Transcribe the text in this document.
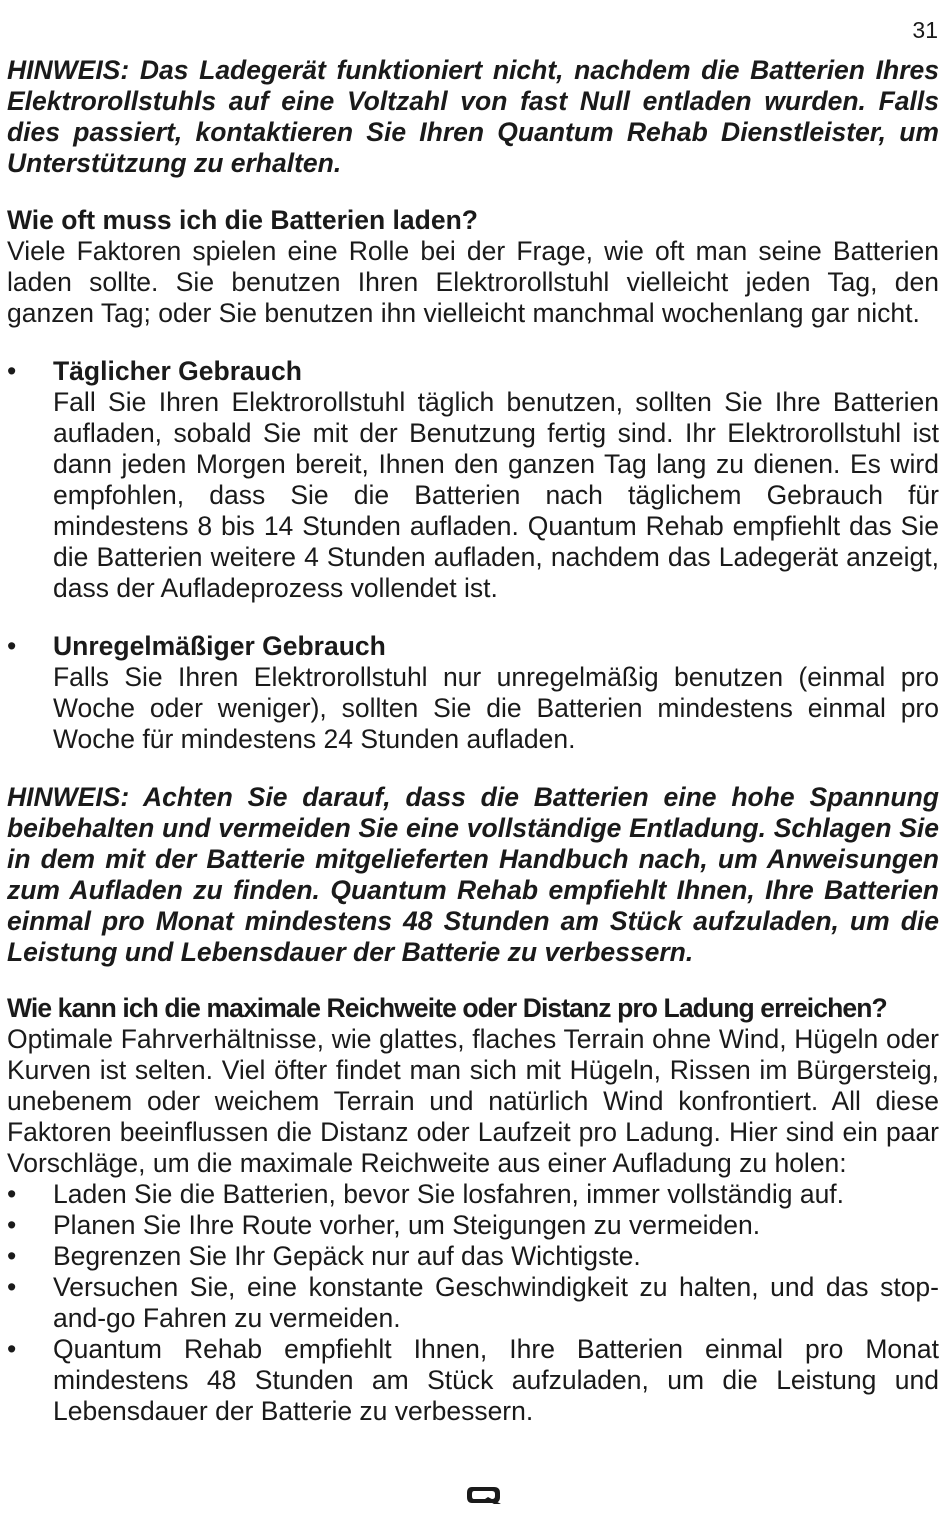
31

HINWEIS: Das Ladegerät funktioniert nicht, nachdem die Batterien Ihres Elektrorollstuhls auf eine Voltzahl von fast Null entladen wurden. Falls dies passiert, kontaktieren Sie Ihren Quantum Rehab Dienstleister, um Unterstützung zu erhalten.

Wie oft muss ich die Batterien laden?

Viele Faktoren spielen eine Rolle bei der Frage, wie oft man seine Batterien laden sollte. Sie benutzen Ihren Elektrorollstuhl vielleicht jeden Tag, den ganzen Tag; oder Sie benutzen ihn vielleicht manchmal wochenlang gar nicht.

•	Täglicher Gebrauch

Fall Sie Ihren Elektrorollstuhl täglich benutzen, sollten Sie Ihre Batterien aufladen, sobald Sie mit der Benutzung fertig sind. Ihr Elektrorollstuhl ist dann jeden Morgen bereit, Ihnen den ganzen Tag lang zu dienen. Es wird empfohlen, dass Sie die Batterien nach täglichem Gebrauch für mindestens 8 bis 14 Stunden aufladen. Quantum Rehab empfiehlt das Sie die Batterien weitere 4 Stunden aufladen, nachdem das Ladegerät anzeigt, dass der Aufladeprozess vollendet ist.

•	Unregelmäßiger Gebrauch

Falls Sie Ihren Elektrorollstuhl nur unregelmäßig benutzen (einmal pro Woche oder weniger), sollten Sie die Batterien mindestens einmal pro Woche für mindestens 24 Stunden aufladen.

HINWEIS: Achten Sie darauf, dass die Batterien eine hohe Spannung beibehalten und vermeiden Sie eine vollständige Entladung. Schlagen Sie in dem mit der Batterie mitgelieferten Handbuch nach, um Anweisungen zum Aufladen zu finden. Quantum Rehab empfiehlt Ihnen, Ihre Batterien einmal pro Monat mindestens 48 Stunden am Stück aufzuladen, um die Leistung und Lebensdauer der Batterie zu verbessern.

Wie kann ich die maximale Reichweite oder Distanz pro Ladung erreichen?

Optimale Fahrverhältnisse, wie glattes, flaches Terrain ohne Wind, Hügeln oder Kurven ist selten. Viel öfter findet man sich mit Hügeln, Rissen im Bürgersteig, unebenem oder weichem Terrain und natürlich Wind konfrontiert. All diese Faktoren beeinflussen die Distanz oder Laufzeit pro Ladung. Hier sind ein paar Vorschläge, um die maximale Reichweite aus einer Aufladung zu holen:

•	Laden Sie die Batterien, bevor Sie losfahren, immer vollständig auf.

•	Planen Sie Ihre Route vorher, um Steigungen zu vermeiden.

•	Begrenzen Sie Ihr Gepäck nur auf das Wichtigste.

•	Versuchen Sie, eine konstante Geschwindigkeit zu halten, und das stop-and-go Fahren zu vermeiden.

•	Quantum Rehab empfiehlt Ihnen, Ihre Batterien einmal pro Monat mindestens 48 Stunden am Stück aufzuladen, um die Leistung und Lebensdauer der Batterie zu verbessern.
